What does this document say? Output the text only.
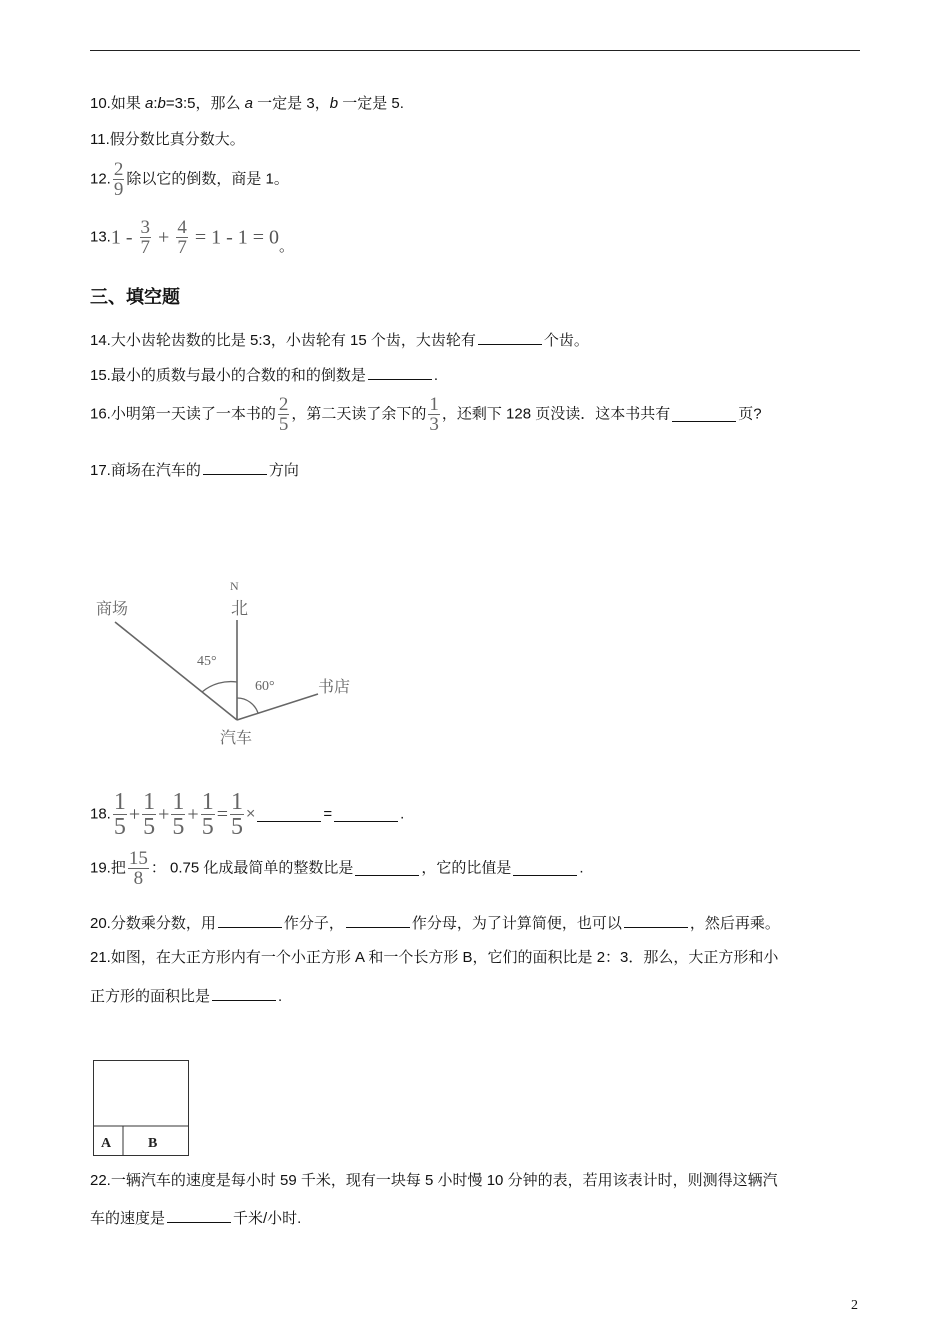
10.如果 a:b=3:5，那么 a 一定是 3，b 一定是 5.
11.假分数比真分数大。
12. $\frac{2}{9}$ 除以它的倒数，商是 1。
$13.1 - \frac{3}{7} + \frac{4}{7} = 1 - 1 = 0$。
三、填空题
14.大小齿轮齿数的比是 5:3，小齿轮有 15 个齿，大齿轮有	个齿。
15.最小的质数与最小的合数的和的倒数是	.
16.小明第一天读了一本书的 $\frac{2}{5}$ ，第二天读了余下的 $\frac{1}{3}$ ，还剩下 128 页没读．这本书共有	页?
17.商场在汽车的	方向
N
北
商场
45°
60°	书店
汽车
18. $\frac{1}{5} + \frac{1}{5} + \frac{1}{5} + \frac{1}{5} = \frac{1}{5}$ ×	=	.
19.把 $\frac{15}{8}$ ： 0.75 化成最简单的整数比是	，它的比值是	.
20.分数乘分数，用	作分子，	作分母，为了计算简便，也可以	，然后再乘。
21.如图，在大正方形内有一个小正方形 A 和一个长方形 B，它们的面积比是 2：3．那么，大正方形和小
正方形的面积比是	.
A	B
22.一辆汽车的速度是每小时 59 千米，现有一块每 5 小时慢 10 分钟的表，若用该表计时，则测得这辆汽
车的速度是	千米/小时.
2
